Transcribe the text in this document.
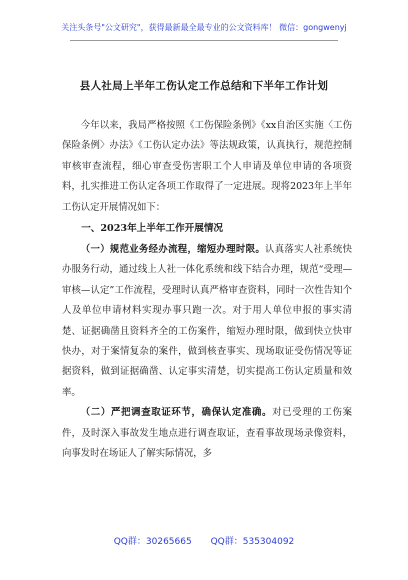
关注头条号"公文研究"，获得最新最全最专业的公文资料库！ 微信：gongwenyj
县人社局上半年工伤认定工作总结和下半年工作计划

今年以来，我局严格按照《工伤保险条例》《xx自治区实施〈工伤保险条例〉办法》《工伤认定办法》等法规政策，认真执行，规范控制审核审查流程，细心审查受伤害职工个人申请及单位申请的各项资料，扎实推进工伤认定各项工作取得了一定进展。现将2023年上半年工伤认定开展情况如下：

一、2023年上半年工作开展情况

（一）规范业务经办流程，缩短办理时限。认真落实人社系统快办服务行动，通过线上人社一体化系统和线下结合办理，规范“受理—审核—认定”工作流程，受理时认真严格审查资料，同时一次性告知个人及单位申请材料实现办事只跑一次。对于用人单位申报的事实清楚、证据确凿且资料齐全的工伤案件，缩短办理时限，做到快立快审快办，对于案情复杂的案件，做到核查事实、现场取证受伤情况等证据资料，做到证据确凿、认定事实清楚，切实提高工伤认定质量和效率。

（二）严把调查取证环节，确保认定准确。对已受理的工伤案件，及时深入事故发生地点进行调查取证，查看事故现场录像资料，向事发时在场证人了解实际情况，多

QQ群：30265665 QQ群：535304092
